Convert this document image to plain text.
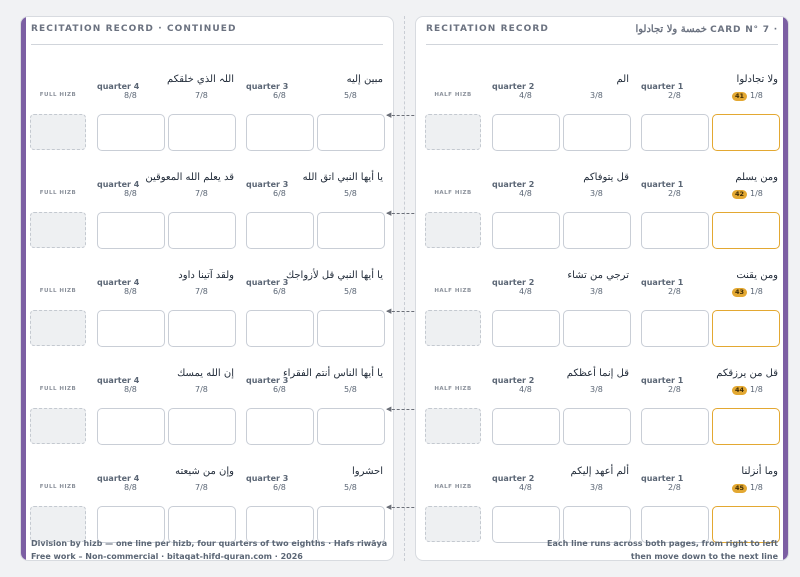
RECITATION RECORD · CONTINUED
FULL HIZB
quarter 4
اللہ الذي خلقكم
8/8	7/8
quarter 3
مبين إليه
6/8	5/8
FULL HIZB
quarter 4
قد يعلم الله المعوقين
8/8	7/8
quarter 3
يا أيها النبي اتق الله
6/8	5/8
FULL HIZB
quarter 4
ولقد آتينا داود
8/8	7/8
quarter 3
يا أيها النبي قل لأزواجك
6/8	5/8
FULL HIZB
quarter 4
إن الله يمسك
8/8	7/8
quarter 3
يا أيها الناس أنتم الفقراء
6/8	5/8
FULL HIZB
quarter 4
وإن من شيعته
8/8	7/8
quarter 3
احشروا
6/8	5/8
Division by hizb — one line per hizb, four quarters of two eighths · Hafs riwāya
Free work – Non-commercial · bitaqat-hifd-quran.com · 2026
◀
◀
◀
◀
◀
RECITATION RECORD	خمسة ولا تجادلوا CARD N° 7 ·
HALF HIZB
quarter 2
الم
4/8	3/8
quarter 1
ولا تجادلوا
2/8	41 1/8
HALF HIZB
quarter 2
قل يتوفاكم
4/8	3/8
quarter 1
ومن يسلم
2/8	42 1/8
HALF HIZB
quarter 2
ترجي من تشاء
4/8	3/8
quarter 1
ومن يقنت
2/8	43 1/8
HALF HIZB
quarter 2
قل إنما أعظكم
4/8	3/8
quarter 1
قل من يرزقكم
2/8	44 1/8
HALF HIZB
quarter 2
ألم أعهد إليكم
4/8	3/8
quarter 1
وما أنزلنا
2/8	45 1/8
Each line runs across both pages, from right to left
then move down to the next line
